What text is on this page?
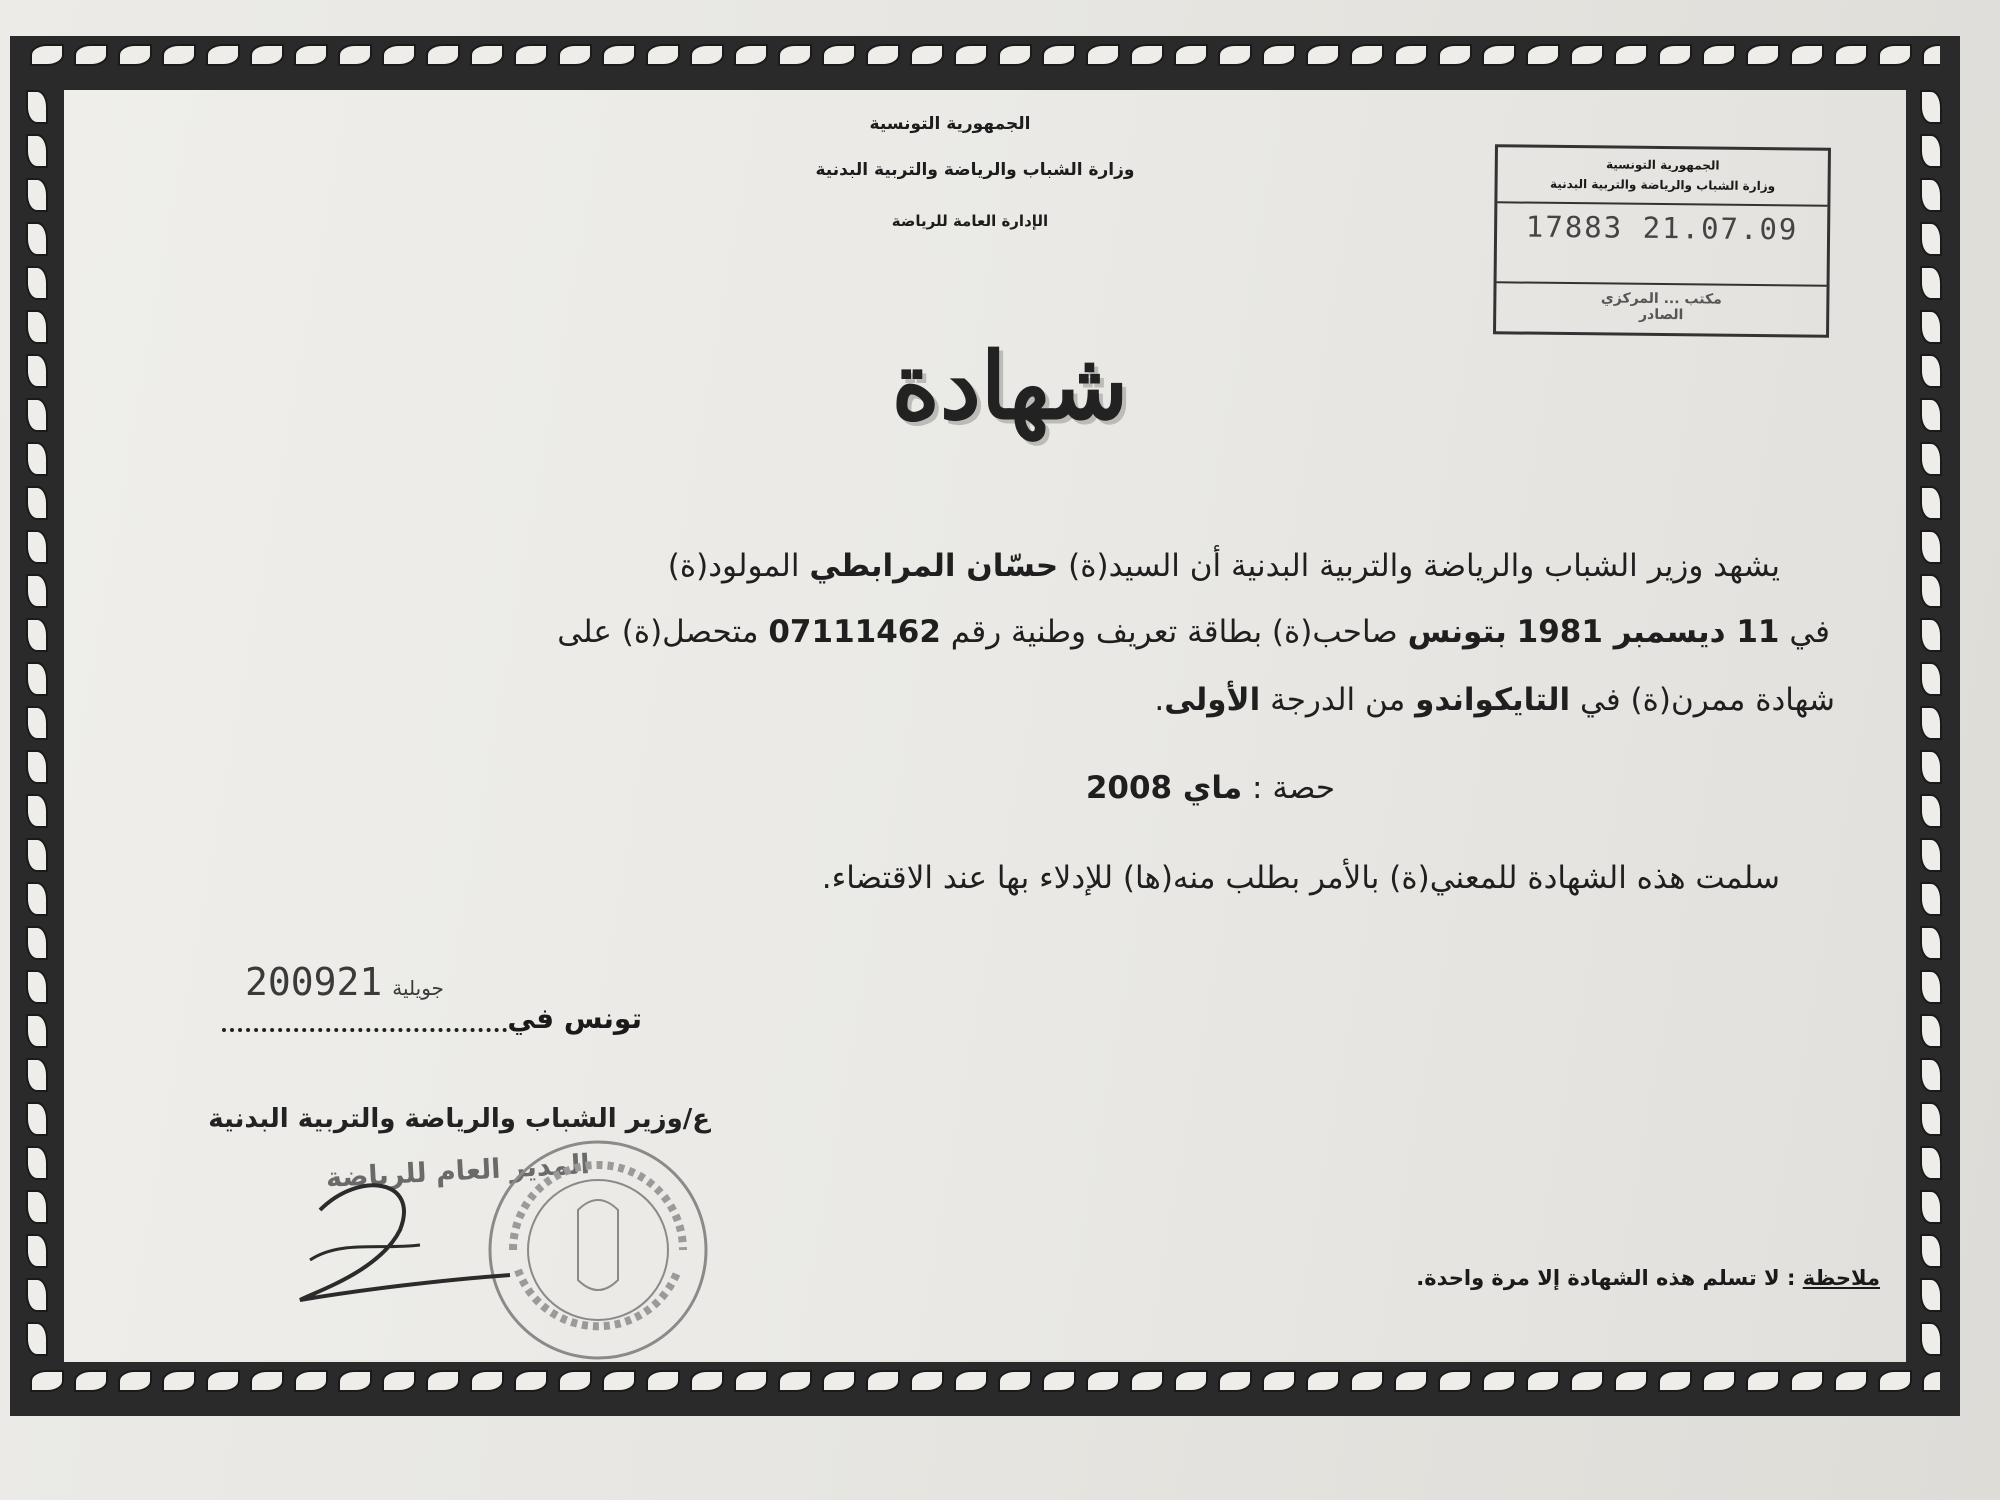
الجمهورية التونسية
وزارة الشباب والرياضة والتربية البدنية
الإدارة العامة للرياضة
الجمهورية التونسية
وزارة الشباب والرياضة والتربية البدنية
17883 21.07.09
مكتب ... المركزي
الصادر
شهادة
يشهد وزير الشباب والرياضة والتربية البدنية أن السيد(ة) حسّان المرابطي المولود(ة)
في 11 ديسمبر 1981 بتونس صاحب(ة) بطاقة تعريف وطنية رقم 07111462 متحصل(ة) على
شهادة ممرن(ة) في التايكواندو من الدرجة الأولى.
حصة : ماي 2008
سلمت هذه الشهادة للمعني(ة) بالأمر بطلب منه(ها) للإدلاء بها عند الاقتضاء.
2009	جويلية21
تونس في
ع/وزير الشباب والرياضة والتربية البدنية
المدير العام للرياضة
ملاحظة : لا تسلم هذه الشهادة إلا مرة واحدة.
